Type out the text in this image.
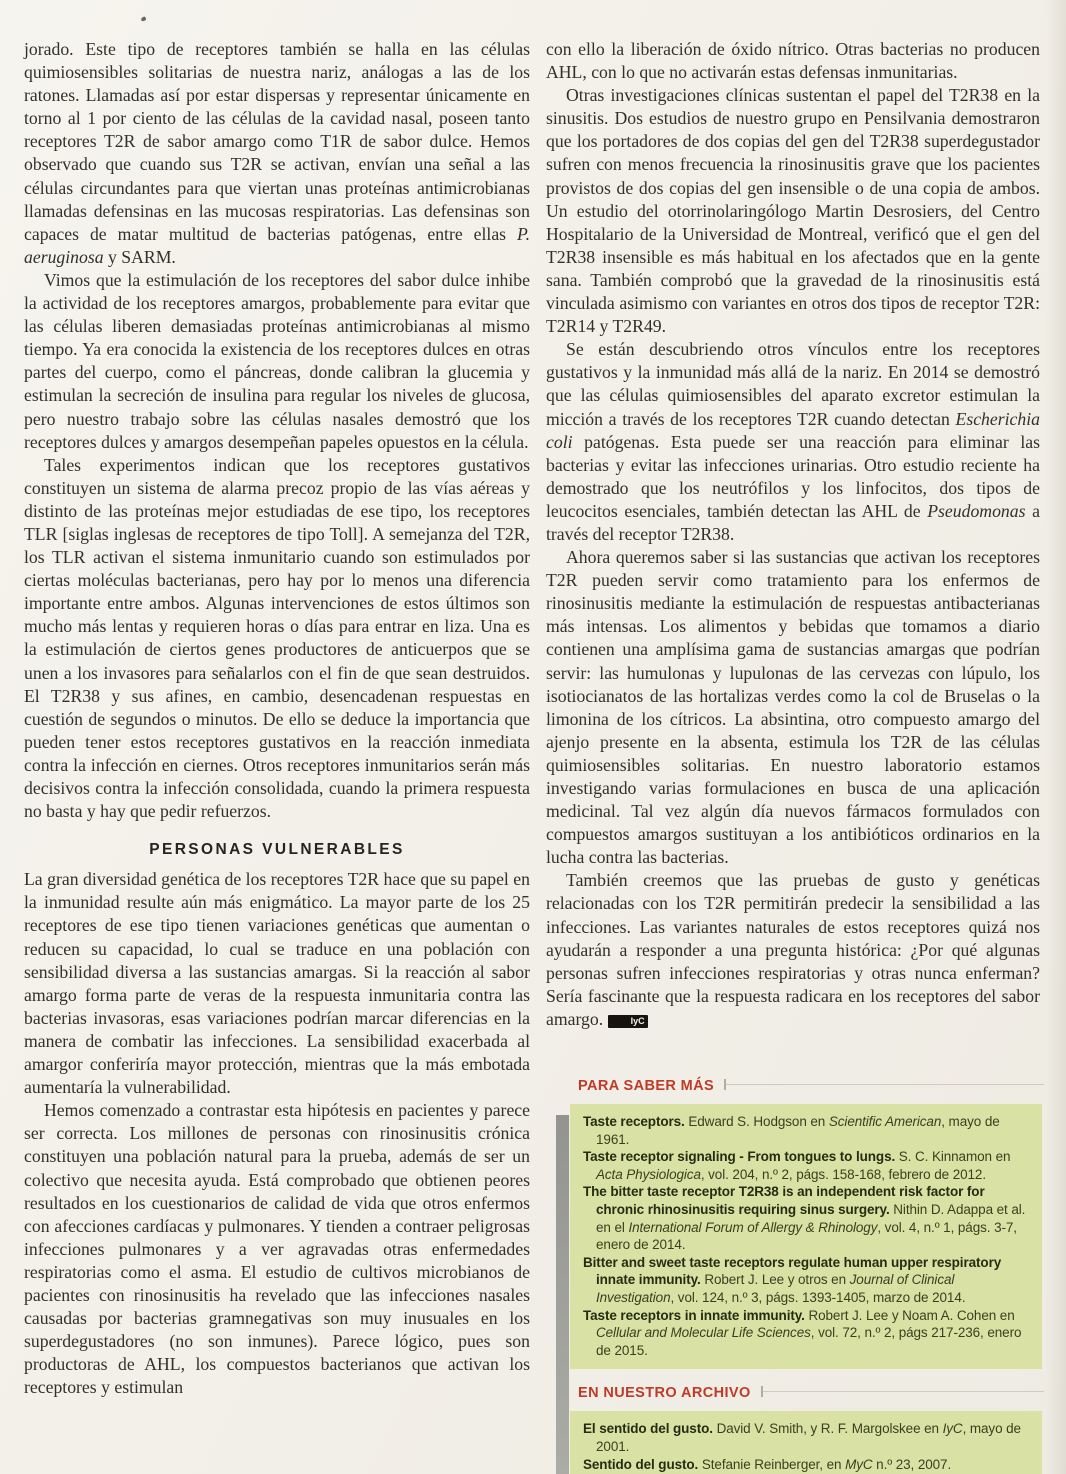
jorado. Este tipo de receptores también se halla en las células quimiosensibles solitarias de nuestra nariz, análogas a las de los ratones. Llamadas así por estar dispersas y representar únicamente en torno al 1 por ciento de las células de la cavidad nasal, poseen tanto receptores T2R de sabor amargo como T1R de sabor dulce. Hemos observado que cuando sus T2R se activan, envían una señal a las células circundantes para que viertan unas proteínas antimicrobianas llamadas defensinas en las mucosas respiratorias. Las defensinas son capaces de matar multitud de bacterias patógenas, entre ellas P. aeruginosa y SARM.

Vimos que la estimulación de los receptores del sabor dulce inhibe la actividad de los receptores amargos, probablemente para evitar que las células liberen demasiadas proteínas antimicrobianas al mismo tiempo. Ya era conocida la existencia de los receptores dulces en otras partes del cuerpo, como el páncreas, donde calibran la glucemia y estimulan la secreción de insulina para regular los niveles de glucosa, pero nuestro trabajo sobre las células nasales demostró que los receptores dulces y amargos desempeñan papeles opuestos en la célula.

Tales experimentos indican que los receptores gustativos constituyen un sistema de alarma precoz propio de las vías aéreas y distinto de las proteínas mejor estudiadas de ese tipo, los receptores TLR [siglas inglesas de receptores de tipo Toll]. A semejanza del T2R, los TLR activan el sistema inmunitario cuando son estimulados por ciertas moléculas bacterianas, pero hay por lo menos una diferencia importante entre ambos. Algunas intervenciones de estos últimos son mucho más lentas y requieren horas o días para entrar en liza. Una es la estimulación de ciertos genes productores de anticuerpos que se unen a los invasores para señalarlos con el fin de que sean destruidos. El T2R38 y sus afines, en cambio, desencadenan respuestas en cuestión de segundos o minutos. De ello se deduce la importancia que pueden tener estos receptores gustativos en la reacción inmediata contra la infección en ciernes. Otros receptores inmunitarios serán más decisivos contra la infección consolidada, cuando la primera respuesta no basta y hay que pedir refuerzos.

PERSONAS VULNERABLES

La gran diversidad genética de los receptores T2R hace que su papel en la inmunidad resulte aún más enigmático. La mayor parte de los 25 receptores de ese tipo tienen variaciones genéticas que aumentan o reducen su capacidad, lo cual se traduce en una población con sensibilidad diversa a las sustancias amargas. Si la reacción al sabor amargo forma parte de veras de la respuesta inmunitaria contra las bacterias invasoras, esas variaciones podrían marcar diferencias en la manera de combatir las infecciones. La sensibilidad exacerbada al amargor conferiría mayor protección, mientras que la más embotada aumentaría la vulnerabilidad.

Hemos comenzado a contrastar esta hipótesis en pacientes y parece ser correcta. Los millones de personas con rinosinusitis crónica constituyen una población natural para la prueba, además de ser un colectivo que necesita ayuda. Está comprobado que obtienen peores resultados en los cuestionarios de calidad de vida que otros enfermos con afecciones cardíacas y pulmonares. Y tienden a contraer peligrosas infecciones pulmonares y a ver agravadas otras enfermedades respiratorias como el asma. El estudio de cultivos microbianos de pacientes con rinosinusitis ha revelado que las infecciones nasales causadas por bacterias gramnegativas son muy inusuales en los superdegustadores (no son inmunes). Parece lógico, pues son productoras de AHL, los compuestos bacterianos que activan los receptores y estimulan

con ello la liberación de óxido nítrico. Otras bacterias no producen AHL, con lo que no activarán estas defensas inmunitarias.

Otras investigaciones clínicas sustentan el papel del T2R38 en la sinusitis. Dos estudios de nuestro grupo en Pensilvania demostraron que los portadores de dos copias del gen del T2R38 superdegustador sufren con menos frecuencia la rinosinusitis grave que los pacientes provistos de dos copias del gen insensible o de una copia de ambos. Un estudio del otorrinolaringólogo Martin Desrosiers, del Centro Hospitalario de la Universidad de Montreal, verificó que el gen del T2R38 insensible es más habitual en los afectados que en la gente sana. También comprobó que la gravedad de la rinosinusitis está vinculada asimismo con variantes en otros dos tipos de receptor T2R: T2R14 y T2R49.

Se están descubriendo otros vínculos entre los receptores gustativos y la inmunidad más allá de la nariz. En 2014 se demostró que las células quimiosensibles del aparato excretor estimulan la micción a través de los receptores T2R cuando detectan Escherichia coli patógenas. Esta puede ser una reacción para eliminar las bacterias y evitar las infecciones urinarias. Otro estudio reciente ha demostrado que los neutrófilos y los linfocitos, dos tipos de leucocitos esenciales, también detectan las AHL de Pseudomonas a través del receptor T2R38.

Ahora queremos saber si las sustancias que activan los receptores T2R pueden servir como tratamiento para los enfermos de rinosinusitis mediante la estimulación de respuestas antibacterianas más intensas. Los alimentos y bebidas que tomamos a diario contienen una amplísima gama de sustancias amargas que podrían servir: las humulonas y lupulonas de las cervezas con lúpulo, los isotiocianatos de las hortalizas verdes como la col de Bruselas o la limonina de los cítricos. La absintina, otro compuesto amargo del ajenjo presente en la absenta, estimula los T2R de las células quimiosensibles solitarias. En nuestro laboratorio estamos investigando varias formulaciones en busca de una aplicación medicinal. Tal vez algún día nuevos fármacos formulados con compuestos amargos sustituyan a los antibióticos ordinarios en la lucha contra las bacterias.

También creemos que las pruebas de gusto y genéticas relacionadas con los T2R permitirán predecir la sensibilidad a las infecciones. Las variantes naturales de estos receptores quizá nos ayudarán a responder a una pregunta histórica: ¿Por qué algunas personas sufren infecciones respiratorias y otras nunca enferman? Sería fascinante que la respuesta radicara en los receptores del sabor amargo.	IyC

PARA SABER MÁS

Taste receptors. Edward S. Hodgson en Scientific American, mayo de 1961.

Taste receptor signaling - From tongues to lungs. S. C. Kinnamon en Acta Physiologica, vol. 204, n.º 2, págs. 158-168, febrero de 2012.

The bitter taste receptor T2R38 is an independent risk factor for chronic rhinosinusitis requiring sinus surgery. Nithin D. Adappa et al. en el International Forum of Allergy & Rhinology, vol. 4, n.º 1, págs. 3-7, enero de 2014.

Bitter and sweet taste receptors regulate human upper respiratory innate immunity. Robert J. Lee y otros en Journal of Clinical Investigation, vol. 124, n.º 3, págs. 1393-1405, marzo de 2014.

Taste receptors in innate immunity. Robert J. Lee y Noam A. Cohen en Cellular and Molecular Life Sciences, vol. 72, n.º 2, págs 217-236, enero de 2015.

EN NUESTRO ARCHIVO

El sentido del gusto. David V. Smith, y R. F. Margolskee en IyC, mayo de 2001.

Sentido del gusto. Stefanie Reinberger, en MyC n.º 23, 2007.
